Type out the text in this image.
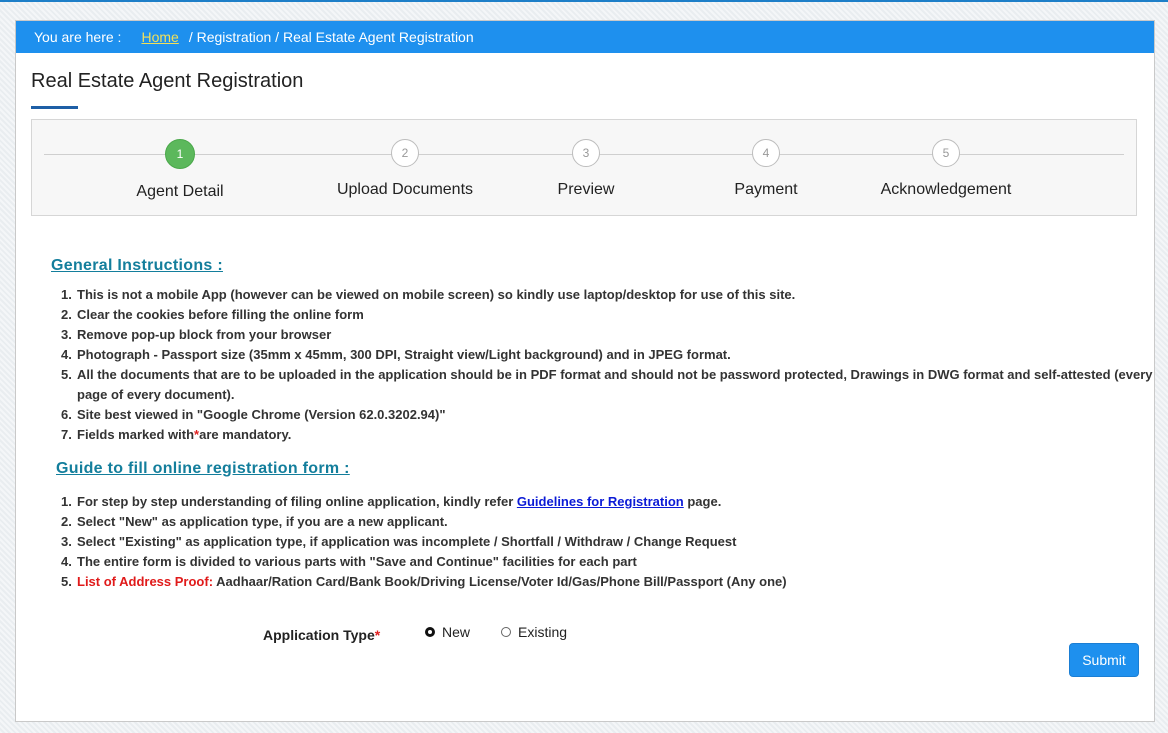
You are here : Home / Registration / Real Estate Agent Registration
Real Estate Agent Registration
1
Agent Detail
2
Upload Documents
3
Preview
4
Payment
5
Acknowledgement
General Instructions :
1. This is not a mobile App (however can be viewed on mobile screen) so kindly use laptop/desktop for use of this site.
2. Clear the cookies before filling the online form
3. Remove pop-up block from your browser
4. Photograph - Passport size (35mm x 45mm, 300 DPI, Straight view/Light background) and in JPEG format.
5. All the documents that are to be uploaded in the application should be in PDF format and should not be password protected, Drawings in DWG format and self-attested (every page of every document).
6. Site best viewed in "Google Chrome (Version 62.0.3202.94)"
7. Fields marked with*are mandatory.
Guide to fill online registration form :
1. For step by step understanding of filing online application, kindly refer Guidelines for Registration page.
2. Select "New" as application type, if you are a new applicant.
3. Select "Existing" as application type, if application was incomplete / Shortfall / Withdraw / Change Request
4. The entire form is divided to various parts with "Save and Continue" facilities for each part
5. List of Address Proof: Aadhaar/Ration Card/Bank Book/Driving License/Voter Id/Gas/Phone Bill/Passport (Any one)
Application Type*	New	Existing
Submit
